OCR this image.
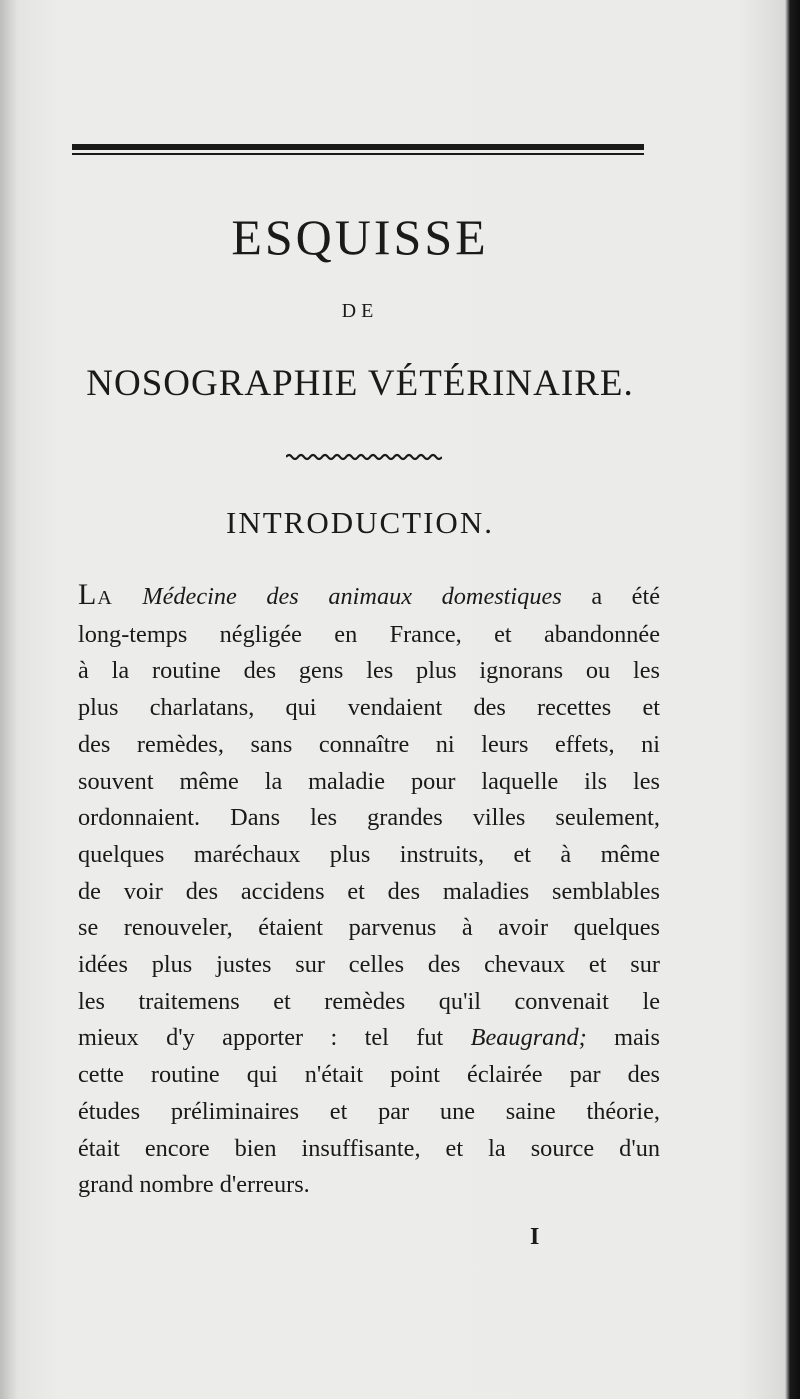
ESQUISSE
DE
NOSOGRAPHIE VÉTÉRINAIRE.
INTRODUCTION.
LA Médecine des animaux domestiques a été
long-temps négligée en France, et abandonnée
à la routine des gens les plus ignorans ou les
plus charlatans, qui vendaient des recettes et
des remèdes, sans connaître ni leurs effets, ni
souvent même la maladie pour laquelle ils les
ordonnaient. Dans les grandes villes seulement,
quelques maréchaux plus instruits, et à même
de voir des accidens et des maladies semblables
se renouveler, étaient parvenus à avoir quelques
idées plus justes sur celles des chevaux et sur
les traitemens et remèdes qu'il convenait le
mieux d'y apporter : tel fut Beaugrand; mais
cette routine qui n'était point éclairée par des
études préliminaires et par une saine théorie,
était encore bien insuffisante, et la source d'un
grand nombre d'erreurs.
I
